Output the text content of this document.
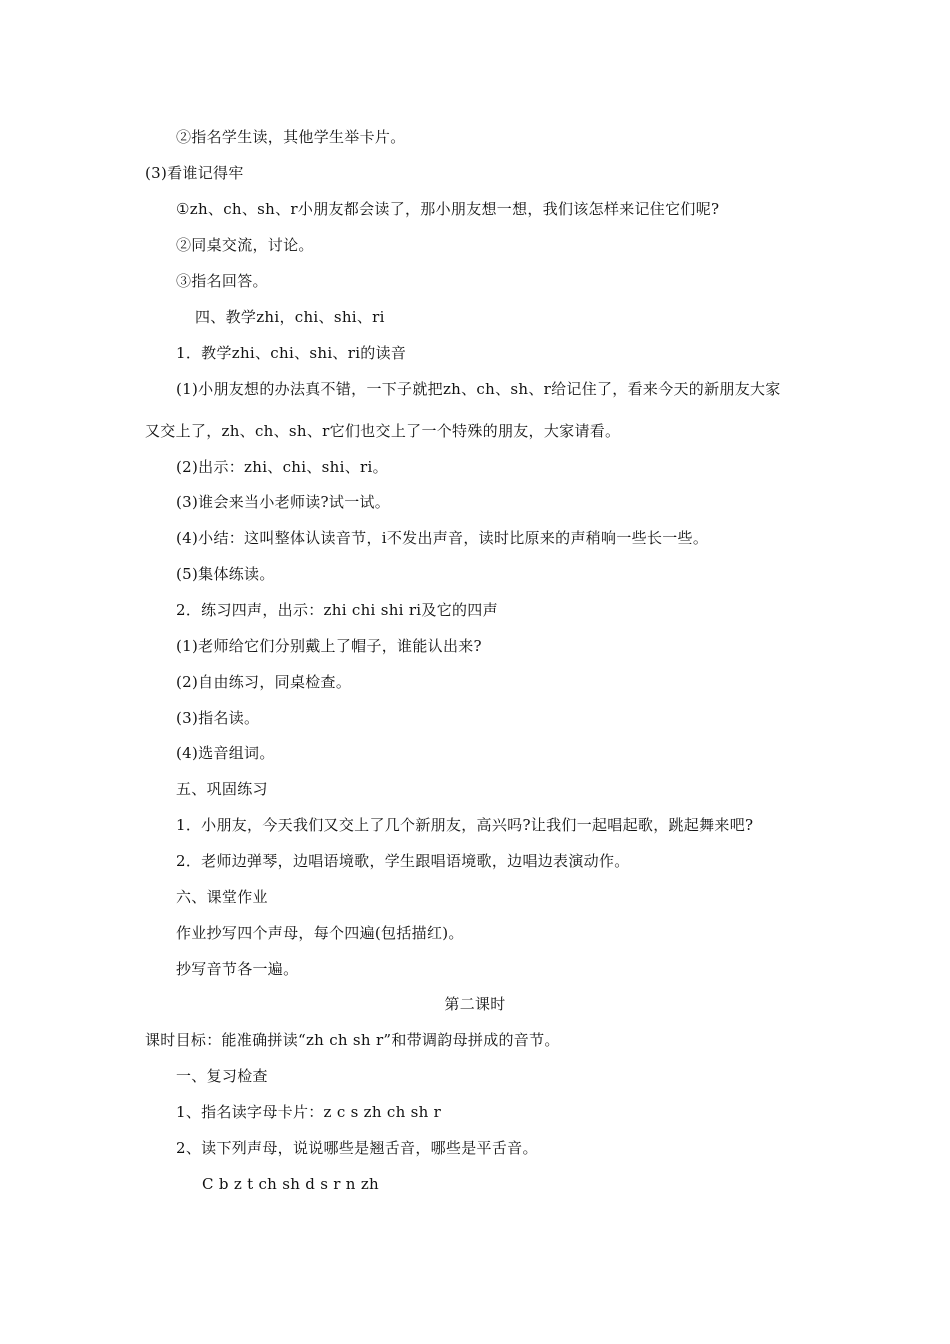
②指名学生读，其他学生举卡片。
(3)看谁记得牢
①zh、ch、sh、r小朋友都会读了，那小朋友想一想，我们该怎样来记住它们呢?
②同桌交流，讨论。
③指名回答。
四、教学zhi，chi、shi、ri
1．教学zhi、chi、shi、ri的读音
(1)小朋友想的办法真不错，一下子就把zh、ch、sh、r给记住了，看来今天的新朋友大家
又交上了，zh、ch、sh、r它们也交上了一个特殊的朋友，大家请看。
(2)出示：zhi、chi、shi、ri。
(3)谁会来当小老师读?试一试。
(4)小结：这叫整体认读音节，i不发出声音，读时比原来的声稍响一些长一些。
(5)集体练读。
2．练习四声，出示：zhi chi shi ri及它的四声
(1)老师给它们分别戴上了帽子，谁能认出来?
(2)自由练习，同桌检查。
(3)指名读。
(4)选音组词。
五、巩固练习
1．小朋友，今天我们又交上了几个新朋友，高兴吗?让我们一起唱起歌，跳起舞来吧?
2．老师边弹琴，边唱语境歌，学生跟唱语境歌，边唱边表演动作。
六、课堂作业
作业抄写四个声母，每个四遍(包括描红)。
抄写音节各一遍。
第二课时
课时目标：能准确拼读“zh ch sh r”和带调韵母拼成的音节。
一、复习检查
1、指名读字母卡片：z c s zh ch sh r
2、读下列声母，说说哪些是翘舌音，哪些是平舌音。
C b z t ch sh d s r n zh
